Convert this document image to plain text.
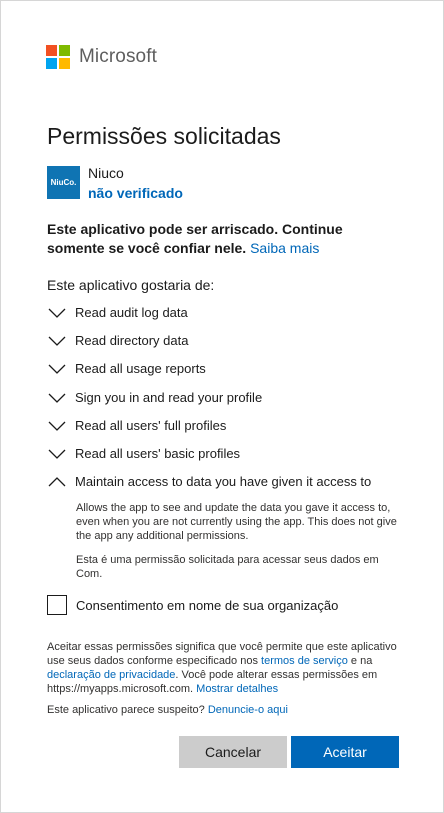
Microsoft
Permissões solicitadas
NiuCo.
Niuco
não verificado
Este aplicativo pode ser arriscado. Continue somente se você confiar nele. Saiba mais
Este aplicativo gostaria de:
Read audit log data
Read directory data
Read all usage reports
Sign you in and read your profile
Read all users' full profiles
Read all users' basic profiles
Maintain access to data you have given it access to

Allows the app to see and update the data you gave it access to, even when you are not currently using the app. This does not give the app any additional permissions.

Esta é uma permissão solicitada para acessar seus dados em Com.

Consentimento em nome de sua organização
Aceitar essas permissões significa que você permite que este aplicativo use seus dados conforme especificado nos termos de serviço e na declaração de privacidade. Você pode alterar essas permissões em https://myapps.microsoft.com. Mostrar detalhes
Este aplicativo parece suspeito? Denuncie-o aqui
Cancelar	Aceitar
